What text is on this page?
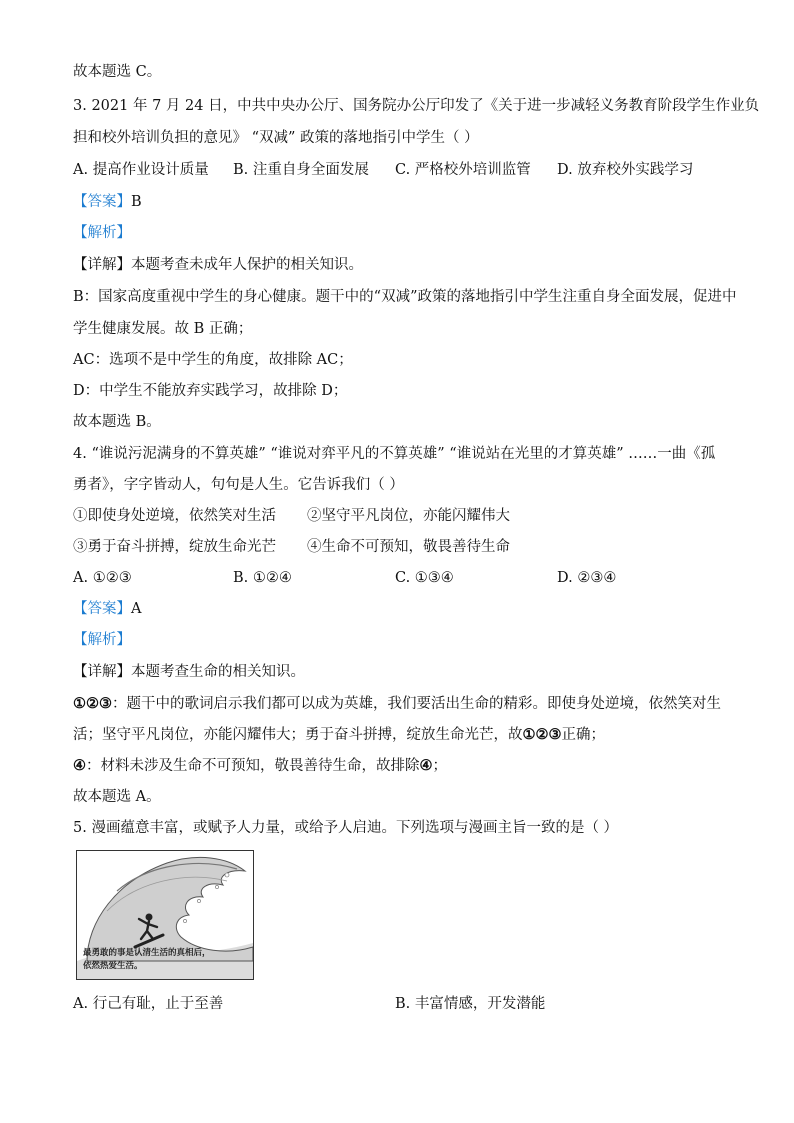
故本题选 C。
3. 2021 年 7 月 24 日，中共中央办公厅、国务院办公厅印发了《关于进一步减轻义务教育阶段学生作业负
担和校外培训负担的意见》 “双减” 政策的落地指引中学生（ ）
A. 提高作业设计质量 B. 注重自身全面发展 C. 严格校外培训监管 D. 放弃校外实践学习
【答案】B
【解析】
【详解】本题考查未成年人保护的相关知识。
B：国家高度重视中学生的身心健康。题干中的“双减”政策的落地指引中学生注重自身全面发展，促进中
学生健康发展。故 B 正确；
AC：选项不是中学生的角度，故排除 AC；
D：中学生不能放弃实践学习，故排除 D；
故本题选 B。
4. “谁说污泥满身的不算英雄” “谁说对弈平凡的不算英雄” “谁说站在光里的才算英雄” ……一曲《孤
勇者》，字字皆动人，句句是人生。它告诉我们（ ）
①即使身处逆境，依然笑对生活 ②坚守平凡岗位，亦能闪耀伟大
③勇于奋斗拼搏，绽放生命光芒 ④生命不可预知，敬畏善待生命
A. ①②③	B. ①②④	C. ①③④	D. ②③④
【答案】A
【解析】
【详解】本题考查生命的相关知识。
①②③：题干中的歌词启示我们都可以成为英雄，我们要活出生命的精彩。即使身处逆境，依然笑对生
活；坚守平凡岗位，亦能闪耀伟大；勇于奋斗拼搏，绽放生命光芒，故①②③正确；
④：材料未涉及生命不可预知，敬畏善待生命，故排除④；
故本题选 A。
5. 漫画蕴意丰富，或赋予人力量，或给予人启迪。下列选项与漫画主旨一致的是（ ）
最勇敢的事是认清生活的真相后，
依然热爱生活。
A. 行己有耻，止于至善	B. 丰富情感，开发潜能
